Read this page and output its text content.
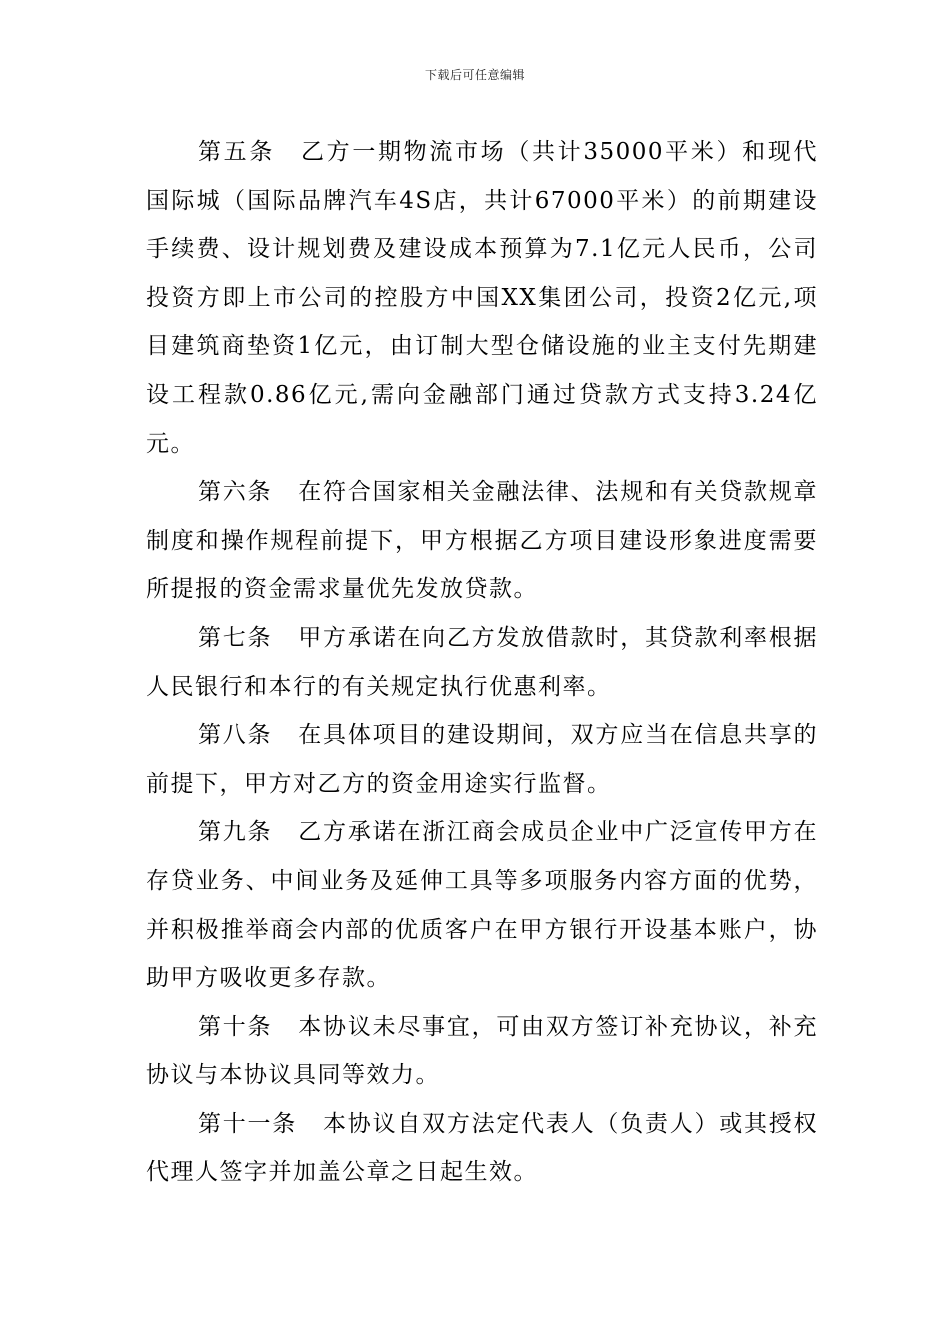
下载后可任意编辑

第五条 乙方一期物流市场（共计35000平米）和现代国际城（国际品牌汽车4S店，共计67000平米）的前期建设手续费、设计规划费及建设成本预算为7.1亿元人民币，公司投资方即上市公司的控股方中国XX集团公司，投资2亿元,项目建筑商垫资1亿元，由订制大型仓储设施的业主支付先期建设工程款0.86亿元,需向金融部门通过贷款方式支持3.24亿元。

第六条 在符合国家相关金融法律、法规和有关贷款规章制度和操作规程前提下，甲方根据乙方项目建设形象进度需要所提报的资金需求量优先发放贷款。

第七条 甲方承诺在向乙方发放借款时，其贷款利率根据人民银行和本行的有关规定执行优惠利率。

第八条 在具体项目的建设期间，双方应当在信息共享的前提下，甲方对乙方的资金用途实行监督。

第九条 乙方承诺在浙江商会成员企业中广泛宣传甲方在存贷业务、中间业务及延伸工具等多项服务内容方面的优势，并积极推举商会内部的优质客户在甲方银行开设基本账户，协助甲方吸收更多存款。

第十条 本协议未尽事宜，可由双方签订补充协议，补充协议与本协议具同等效力。

第十一条 本协议自双方法定代表人（负责人）或其授权代理人签字并加盖公章之日起生效。
